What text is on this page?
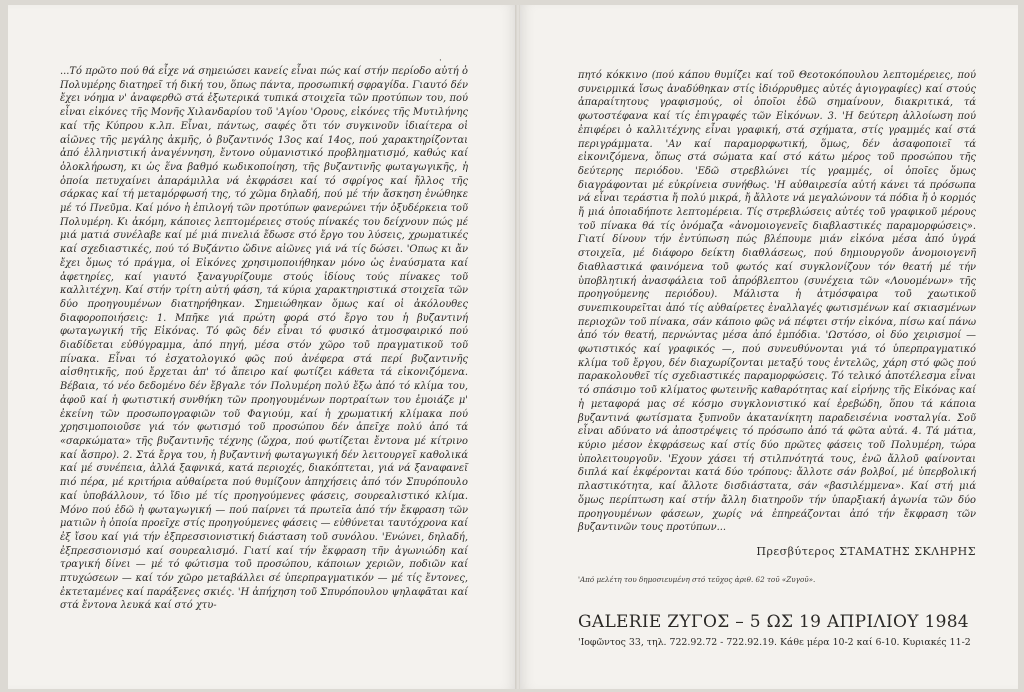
·

...Τό πρῶτο πού θά εἶχε νά σημειώσει κανείς εἶναι πώς καί στήν περίοδο αὐτή ὁ Πολυμέρης διατηρεῖ τή δική του, ὅπως πάντα, προσωπική σφραγίδα. Γιαυτό δέν ἔχει νόημα ν' ἀναφερθῶ στά ἐξωτερικά τυπικά στοιχεῖα τῶν προτύπων του, πού εἶναι εἰκόνες τῆς Μονῆς Χιλανδαρίου τοῦ 'Αγίου 'Ορους, εἰκόνες τῆς Μυτιλήνης καί τῆς Κύπρου κ.λπ. Εἶναι, πάντως, σαφές ὅτι τόν συγκινοῦν ἰδιαίτερα οἱ αἰῶνες τῆς μεγάλης ἀκμῆς, ὁ βυζαντινός 13ος καί 14ος, πού χαρακτηρίζονται ἀπό ἑλληνιστική ἀναγέννηση, ἔντονο οὐμανιστικό προβληματισμό, καθώς καί ὁλοκλήρωση, κι ὡς ἕνα βαθμό κωδικοποίηση, τῆς βυζαντινῆς φωταγωγικῆς, ἡ ὁποία πετυχαίνει ἀπαράμιλλα νά ἐκφράσει καί τό σφρίγος καί ἤλλος τῆς σάρκας καί τή μεταμόρφωσή της, τό χῶμα δηλαδή, πού μέ τήν ἄσκηση ἑνώθηκε μέ τό Πνεῦμα. Καί μόνο ἡ ἐπιλογή τῶν προτύπων φανερώνει τήν ὀξυδέρκεια τοῦ Πολυμέρη. Κι ἀκόμη, κάποιες λεπτομέρειες στούς πίνακές του δείχνουν πώς μέ μιά ματιά συνέλαβε καί μέ μιά πινελιά ἔδωσε στό ἔργο του λύσεις, χρωματικές καί σχεδιαστικές, πού τό Βυζάντιο ὤδινε αἰῶνες γιά νά τίς δώσει. 'Οπως κι ἄν ἔχει ὅμως τό πράγμα, οἱ Εἰκόνες χρησιμοποιήθηκαν μόνο ὡς ἐναύσματα καί ἀφετηρίες, καί γιαυτό ξαναγυρίζουμε στούς ἰδίους τούς πίνακες τοῦ καλλιτέχνη. Καί στήν τρίτη αὐτή φάση, τά κύρια χαρακτηριστικά στοιχεῖα τῶν δύο προηγουμένων διατηρήθηκαν. Σημειώθηκαν ὅμως καί οἱ ἀκόλουθες διαφοροποιήσεις: 1. Μπῆκε γιά πρώτη φορά στό ἔργο του ἡ βυζαντινή φωταγωγική τῆς Εἰκόνας. Τό φῶς δέν εἶναι τό φυσικό ἀτμοσφαιρικό πού διαδίδεται εὐθύγραμμα, ἀπό πηγή, μέσα στόν χῶρο τοῦ πραγματικοῦ τοῦ πίνακα. Εἶναι τό ἐσχατολογικό φῶς πού ἀνέφερα στά περί βυζαντινῆς αἰσθητικῆς, πού ἔρχεται ἀπ' τό ἄπειρο καί φωτίζει κάθετα τά εἰκονιζόμενα. Βέβαια, τό νέο δεδομένο δέν ἔβγαλε τόν Πολυμέρη πολύ ἔξω ἀπό τό κλίμα του, ἀφοῦ καί ἡ φωτιστική συνθήκη τῶν προηγουμένων πορτραίτων του ἐμοιάζε μ' ἐκείνη τῶν προσωπογραφιῶν τοῦ Φαγιούμ, καί ἡ χρωματική κλίμακα πού χρησιμοποιοῦσε γιά τόν φωτισμό τοῦ προσώπου δέν ἀπεῖχε πολύ ἀπό τά «σαρκώματα» τῆς βυζαντινῆς τέχνης (ὤχρα, πού φωτίζεται ἔντονα μέ κίτρινο καί ἄσπρο). 2. Στά ἔργα του, ἡ βυζαντινή φωταγωγική δέν λειτουργεῖ καθολικά καί μέ συνέπεια, ἀλλά ξαφνικά, κατά περιοχές, διακόπτεται, γιά νά ξαναφανεῖ πιό πέρα, μέ κριτήρια αὐθαίρετα πού θυμίζουν ἀπηχήσεις ἀπό τόν Σπυρόπουλο καί ὑποβάλλουν, τό ἴδιο μέ τίς προηγούμενες φάσεις, σουρεαλιστικό κλίμα. Μόνο πού ἐδῶ ἡ φωταγωγική — πού παίρνει τά πρωτεῖα ἀπό τήν ἔκφραση τῶν ματιῶν ἡ ὁποία προεῖχε στίς προηγούμενες φάσεις — εὐθύνεται ταυτόχρονα καί ἐξ ἴσου καί γιά τήν ἐξπρεσσιονιστική διάσταση τοῦ συνόλου. 'Ενώνει, δηλαδή, ἐξπρεσσιονισμό καί σουρεαλισμό. Γιατί καί τήν ἔκφραση τῆν ἀγωνιώδη καί τραγική δίνει — μέ τό φώτισμα τοῦ προσώπου, κάποιων χεριῶν, ποδιῶν καί πτυχώσεων — καί τόν χῶρο μεταβάλλει σέ ὑπερπραγματικόν — μέ τίς ἔντονες, ἐκτεταμένες καί παράξενες σκιές. 'Η ἀπήχηση τοῦ Σπυρόπουλου ψηλαφᾶται καί στά ἔντονα λευκά καί στό χτυ-

πητό κόκκινο (πού κάπου θυμίζει καί τοῦ Θεοτοκόπουλου λεπτομέρειες, πού συνειρμικά ἴσως ἀναδύθηκαν στίς ἰδιόρρυθμες αὐτές ἁγιογραφίες) καί στούς ἀπαραίτητους γραφισμούς, οἱ ὁποῖοι ἐδῶ σημαίνουν, διακριτικά, τά φωτοστέφανα καί τίς ἐπιγραφές τῶν Εἰκόνων. 3. 'Η δεύτερη ἀλλοίωση πού ἐπιφέρει ὁ καλλιτέχνης εἶναι γραφική, στά σχήματα, στίς γραμμές καί στά περιγράμματα. 'Αν καί παραμορφωτική, ὅμως, δέν ἀσαφοποιεῖ τά εἰκονιζόμενα, ὅπως στά σώματα καί στό κάτω μέρος τοῦ προσώπου τῆς δεύτερης περιόδου. 'Εδῶ στρεβλώνει τίς γραμμές, οἱ ὁποῖες ὅμως διαγράφονται μέ εὐκρίνεια συνήθως. 'Η αὐθαιρεσία αὐτή κάνει τά πρόσωπα νά εἶναι τεράστια ἤ πολύ μικρά, ἤ ἄλλοτε νά μεγαλώνουν τά πόδια ἤ ὁ κορμός ἤ μιά ὁποιαδήποτε λεπτομέρεια. Τίς στρεβλώσεις αὐτές τοῦ γραφικοῦ μέρους τοῦ πίνακα θά τίς ὀνόμαζα «ἀνομοιογενεῖς διαβλαστικές παραμορφώσεις». Γιατί δίνουν τήν ἐντύπωση πώς βλέπουμε μιάν εἰκόνα μέσα ἀπό ὑγρά στοιχεῖα, μέ διάφορο δείκτη διαθλάσεως, πού δημιουργοῦν ἀνομοιογενῆ διαθλαστικά φαινόμενα τοῦ φωτός καί συγκλονίζουν τόν θεατή μέ τήν ὑποβλητική ἀνασφάλεια τοῦ ἀπρόβλεπτου (συνέχεια τῶν «Λουομένων» τῆς προηγούμενης περιόδου). Μάλιστα ἡ ἀτμόσφαιρα τοῦ χαωτικοῦ συνεπικουρεῖται ἀπό τίς αὐθαίρετες ἐναλλαγές φωτισμένων καί σκιασμένων περιοχῶν τοῦ πίνακα, σάν κάποιο φῶς νά πέφτει στήν εἰκόνα, πίσω καί πάνω ἀπό τόν θεατή, περνώντας μέσα ἀπό ἐμπόδια. 'Ωστόσο, οἱ δύο χειρισμοί — φωτιστικός καί γραφικός —, πού συνευθύνονται γιά τό ὑπερπραγματικό κλίμα τοῦ ἔργου, δέν διαχωρίζονται μεταξύ τους ἐντελῶς, χάρη στό φῶς πού παρακολουθεῖ τίς σχεδιαστικές παραμορφώσεις. Τό τελικό ἀποτέλεσμα εἶναι τό σπάσιμο τοῦ κλίματος φωτεινῆς καθαρότητας καί εἰρήνης τῆς Εἰκόνας καί ἡ μεταφορά μας σέ κόσμο συγκλονιστικό καί ἐρεβώδη, ὅπου τά κάποια βυζαντινά φωτίσματα ξυπνοῦν ἀκατανίκητη παραδεισένια νοσταλγία. Σοῦ εἶναι αδύνατο νά ἀποστρέψεις τό πρόσωπο ἀπό τά φῶτα αὐτά. 4. Τά μάτια, κύριο μέσον ἐκφράσεως καί στίς δύο πρῶτες φάσεις τοῦ Πολυμέρη, τώρα ὑπολειτουργοῦν. 'Εχουν χάσει τή στιλπνότητά τους, ἐνῶ ἄλλοῦ φαίνονται διπλά καί ἐκφέρονται κατά δύο τρόπους: ἄλλοτε σάν βολβοί, μέ ὑπερβολική πλαστικότητα, καί ἄλλοτε δισδιάστατα, σάν «βασιλέμμενα». Καί στή μιά ὅμως περίπτωση καί στήν ἄλλη διατηροῦν τήν ὑπαρξιακή ἀγωνία τῶν δύο προηγουμένων φάσεων, χωρίς νά ἐπηρεάζονται ἀπό τήν ἔκφραση τῶν βυζαντινῶν τους προτύπων...

Πρεσβύτερος ΣΤΑΜΑΤΗΣ ΣΚΛΗΡΗΣ
'Από μελέτη του δημοσιευμένη στό τεῦχος ἀριθ. 62 τοῦ «Ζυγοῦ».
GALERIE ΖΥΓΟΣ – 5 ΩΣ 19 ΑΠΡΙΛΙΟΥ 1984
'Ιοφῶντος 33, τηλ. 722.92.72 - 722.92.19. Κάθε μέρα 10-2 καί 6-10. Κυριακές 11-2
